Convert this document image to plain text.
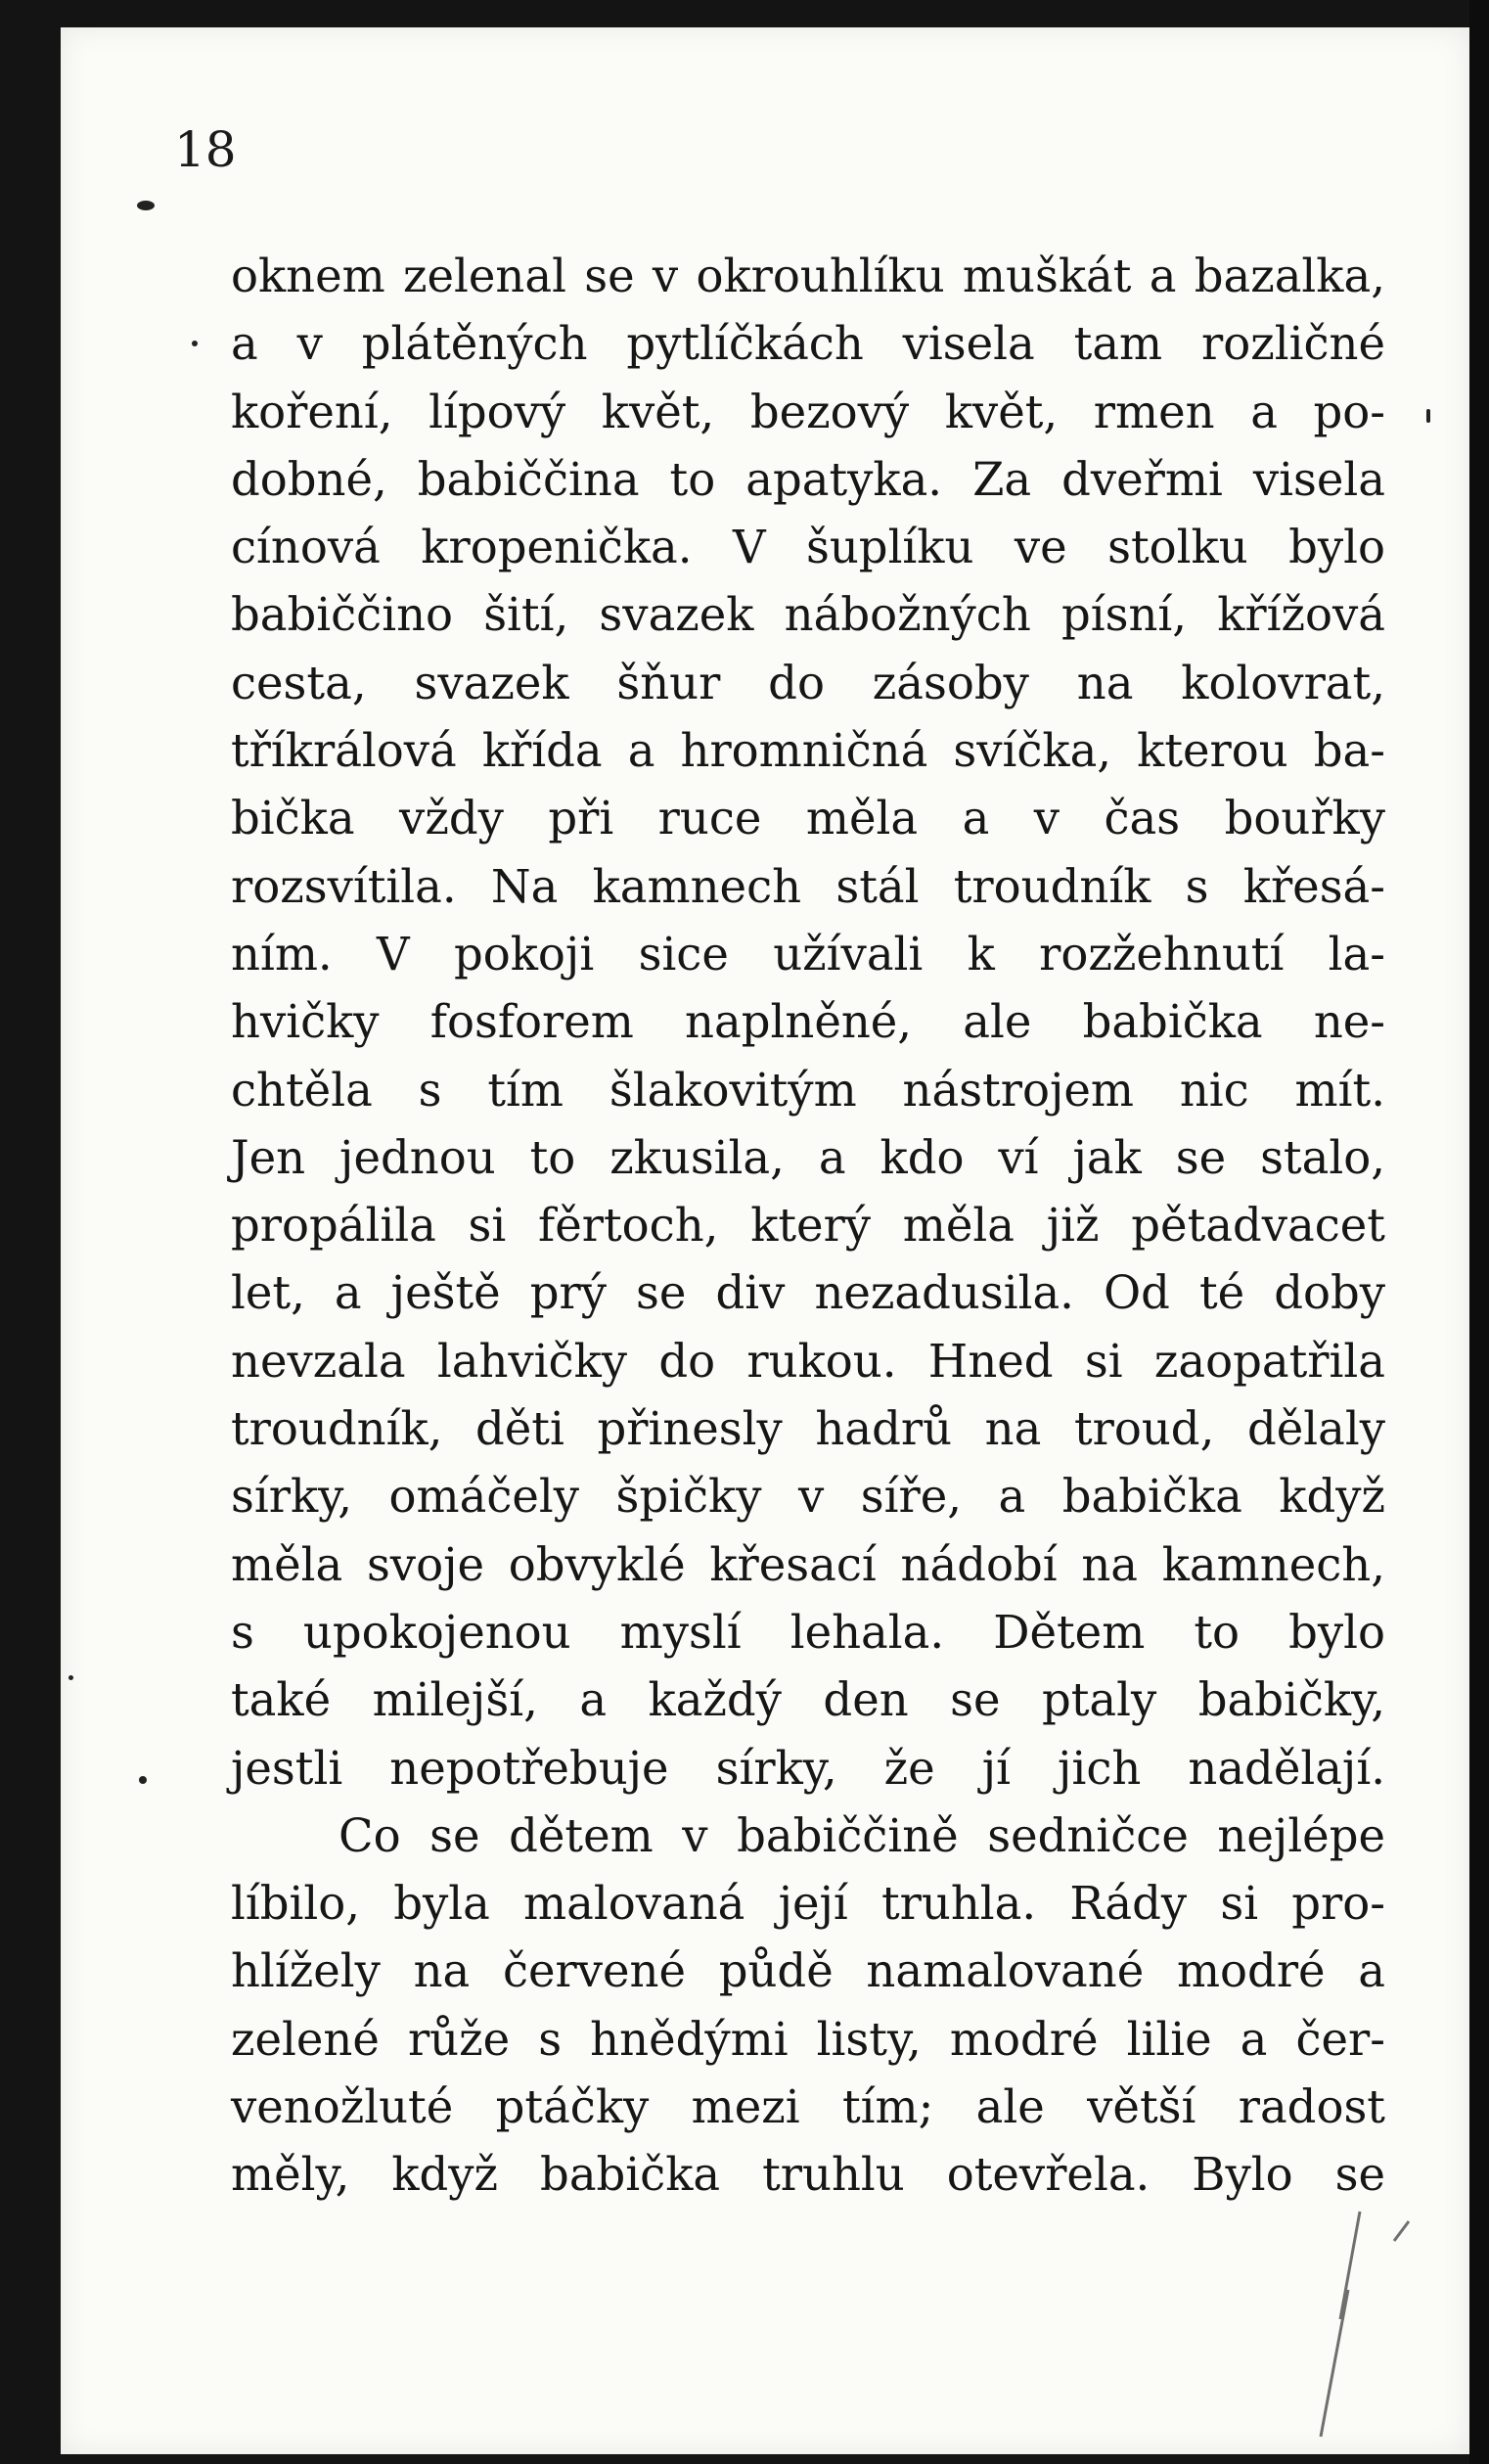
18
oknem zelenal se v okrouhlíku muškát a bazalka,
a v plátěných pytlíčkách visela tam rozličné
koření, lípový květ, bezový květ, rmen a po-
dobné, babiččina to apatyka. Za dveřmi visela
cínová kropenička. V šuplíku ve stolku bylo
babiččino šití, svazek nábožných písní, křížová
cesta, svazek šňur do zásoby na kolovrat,
tříkrálová křída a hromničná svíčka, kterou ba-
bička vždy při ruce měla a v čas bouřky
rozsvítila. Na kamnech stál troudník s křesá-
ním. V pokoji sice užívali k rozžehnutí la-
hvičky fosforem naplněné, ale babička ne-
chtěla s tím šlakovitým nástrojem nic mít.
Jen jednou to zkusila, a kdo ví jak se stalo,
propálila si fěrtoch, který měla již pětadvacet
let, a ještě prý se div nezadusila. Od té doby
nevzala lahvičky do rukou. Hned si zaopatřila
troudník, děti přinesly hadrů na troud, dělaly
sírky, omáčely špičky v síře, a babička když
měla svoje obvyklé křesací nádobí na kamnech,
s upokojenou myslí lehala. Dětem to bylo
také milejší, a každý den se ptaly babičky,
jestli nepotřebuje sírky, že jí jich nadělají.
Co se dětem v babiččině sedničce nejlépe
líbilo, byla malovaná její truhla. Rády si pro-
hlížely na červené půdě namalované modré a
zelené růže s hnědými listy, modré lilie a čer-
venožluté ptáčky mezi tím; ale větší radost
měly, když babička truhlu otevřela. Bylo se
